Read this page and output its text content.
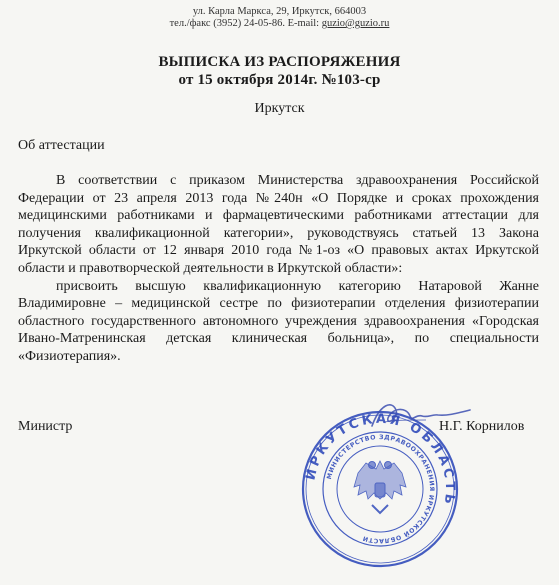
ул. Карла Маркса, 29, Иркутск, 664003
тел./факс (3952) 24-05-86. E-mail: guzio@guzio.ru
ВЫПИСКА ИЗ РАСПОРЯЖЕНИЯ
от 15 октября 2014г. №103-ср
Иркутск
Об аттестации

В соответствии с приказом Министерства здравоохранения Российской Федерации от 23 апреля 2013 года №240н «О Порядке и сроках прохождения медицинскими работниками и фармацевтическими работниками аттестации для получения квалификационной категории», руководствуясь статьей 13 Закона Иркутской области от 12 января 2010 года №1-оз «О правовых актах Иркутской области и правотворческой деятельности в Иркутской области»:

присвоить высшую квалификационную категорию Натаровой Жанне Владимировне – медицинской сестре по физиотерапии отделения физиотерапии областного государственного автономного учреждения здравоохранения «Городская Ивано-Матренинская детская клиническая больница», по специальности «Физиотерапия».

ИРКУТСКАЯ ОБЛАСТЬ
МИНИСТЕРСТВО ЗДРАВООХРАНЕНИЯ ИРКУТСКОЙ ОБЛАСТИ
Министр	Н.Г. Корнилов
